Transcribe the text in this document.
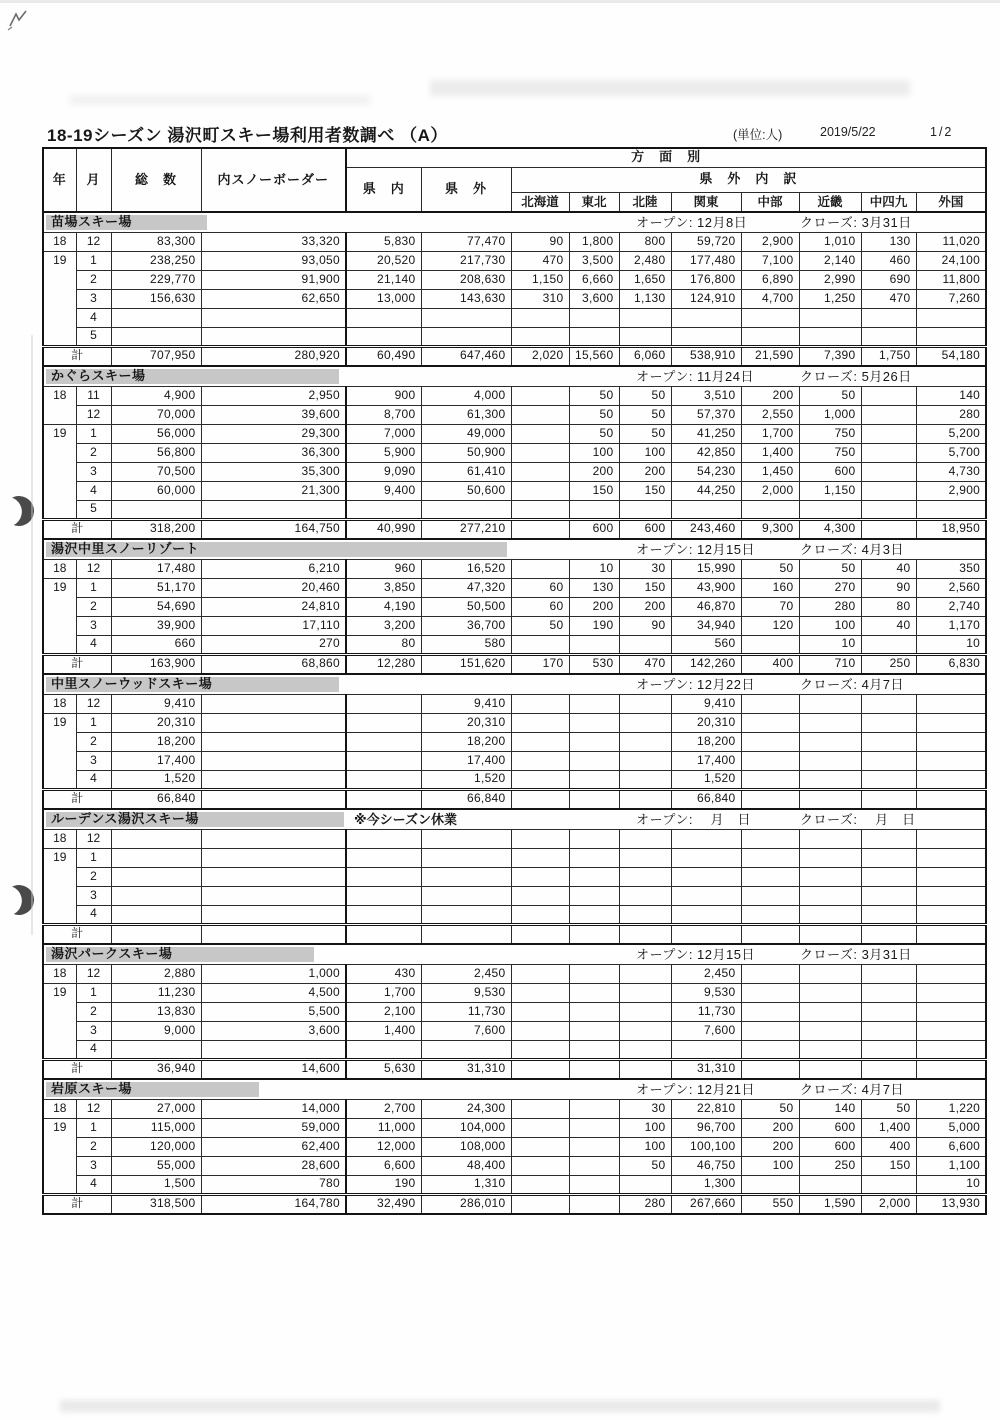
18-19シーズン 湯沢町スキー場利用者数調べ （A）	(単位:人)	2019/5/22	1/2
年	月	総　数	内スノーボーダー	方　面　別									
				県　内	県　外	県　外　内　訳							
						北海道	東北	北陸	関東	中部	近畿	中四九	外国

苗場スキー場 オープン: 12月8日 クローズ: 3月31日													

18	12	83,300	33,320	5,830	77,470	90	1,800	800	59,720	2,900	1,010	130	11,020
19	1	238,250	93,050	20,520	217,730	470	3,500	2,480	177,480	7,100	2,140	460	24,100
	2	229,770	91,900	21,140	208,630	1,150	6,660	1,650	176,800	6,890	2,990	690	11,800
	3	156,630	62,650	13,000	143,630	310	3,600	1,130	124,910	4,700	1,250	470	7,260
	4												
	5												
計		707,950	280,920	60,490	647,460	2,020	15,560	6,060	538,910	21,590	7,390	1,750	54,180

かぐらスキー場 オープン: 11月24日 クローズ: 5月26日													

18	11	4,900	2,950	900	4,000		50	50	3,510	200	50		140
	12	70,000	39,600	8,700	61,300		50	50	57,370	2,550	1,000		280
19	1	56,000	29,300	7,000	49,000		50	50	41,250	1,700	750		5,200
	2	56,800	36,300	5,900	50,900		100	100	42,850	1,400	750		5,700
	3	70,500	35,300	9,090	61,410		200	200	54,230	1,450	600		4,730
	4	60,000	21,300	9,400	50,600		150	150	44,250	2,000	1,150		2,900
	5												
計		318,200	164,750	40,990	277,210		600	600	243,460	9,300	4,300		18,950

湯沢中里スノーリゾート オープン: 12月15日 クローズ: 4月3日													

18	12	17,480	6,210	960	16,520		10	30	15,990	50	50	40	350
19	1	51,170	20,460	3,850	47,320	60	130	150	43,900	160	270	90	2,560
	2	54,690	24,810	4,190	50,500	60	200	200	46,870	70	280	80	2,740
	3	39,900	17,110	3,200	36,700	50	190	90	34,940	120	100	40	1,170
	4	660	270	80	580				560		10		10
計		163,900	68,860	12,280	151,620	170	530	470	142,260	400	710	250	6,830

中里スノーウッドスキー場 オープン: 12月22日 クローズ: 4月7日													

18	12	9,410			9,410				9,410				
19	1	20,310			20,310				20,310				
	2	18,200			18,200				18,200				
	3	17,400			17,400				17,400				
	4	1,520			1,520				1,520				
計		66,840			66,840				66,840				

ルーデンス湯沢スキー場 ※今シーズン休業 オープン: 　月　日 クローズ: 　月　日													

18	12												
19	1												
	2												
	3												
	4												
計													

湯沢パークスキー場 オープン: 12月15日 クローズ: 3月31日													

18	12	2,880	1,000	430	2,450				2,450				
19	1	11,230	4,500	1,700	9,530				9,530				
	2	13,830	5,500	2,100	11,730				11,730				
	3	9,000	3,600	1,400	7,600				7,600				
	4												
計		36,940	14,600	5,630	31,310				31,310				

岩原スキー場 オープン: 12月21日 クローズ: 4月7日													

18	12	27,000	14,000	2,700	24,300			30	22,810	50	140	50	1,220
19	1	115,000	59,000	11,000	104,000			100	96,700	200	600	1,400	5,000
	2	120,000	62,400	12,000	108,000			100	100,100	200	600	400	6,600
	3	55,000	28,600	6,600	48,400			50	46,750	100	250	150	1,100
	4	1,500	780	190	1,310				1,300				10
計		318,500	164,780	32,490	286,010			280	267,660	550	1,590	2,000	13,930
